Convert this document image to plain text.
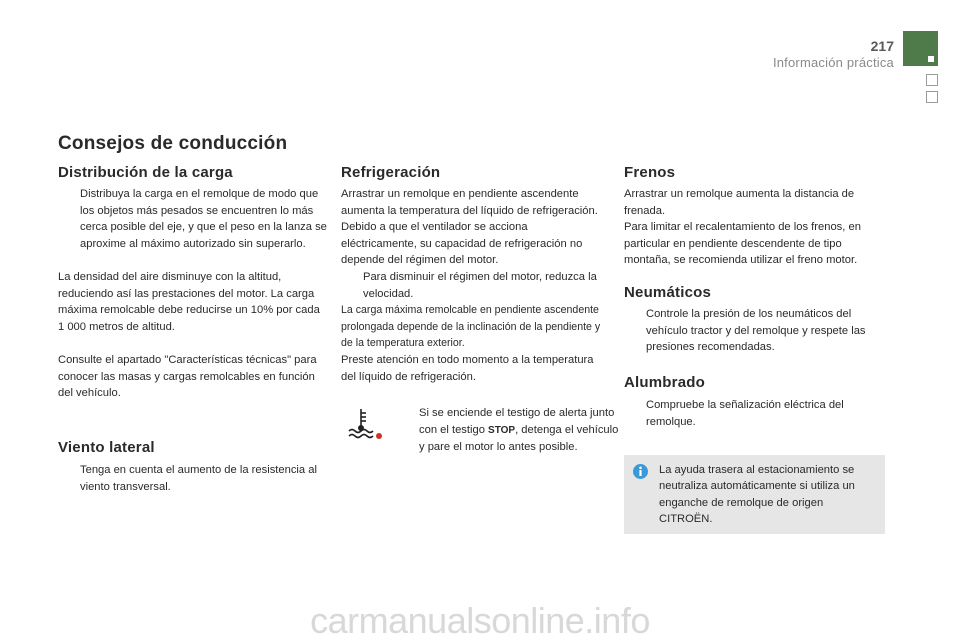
217
Información práctica
Consejos de conducción
Distribución de la carga
Distribuya la carga en el remolque de modo que los objetos más pesados se encuentren lo más cerca posible del eje, y que el peso en la lanza se aproxime al máximo autorizado sin superarlo.
La densidad del aire disminuye con la altitud, reduciendo así las prestaciones del motor. La carga máxima remolcable debe reducirse un 10% por cada 1 000 metros de altitud.
Consulte el apartado "Características técnicas" para conocer las masas y cargas remolcables en función del vehículo.
Viento lateral
Tenga en cuenta el aumento de la resistencia al viento transversal.
Refrigeración

Arrastrar un remolque en pendiente ascendente aumenta la temperatura del líquido de refrigeración.

Debido a que el ventilador se acciona eléctricamente, su capacidad de refrigeración no depende del régimen del motor.

Para disminuir el régimen del motor, reduzca la velocidad.

La carga máxima remolcable en pendiente ascendente prolongada depende de la inclinación de la pendiente y de la temperatura exterior.

Preste atención en todo momento a la temperatura del líquido de refrigeración.

Si se enciende el testigo de alerta junto con el testigo STOP, detenga el vehículo y pare el motor lo antes posible.
Frenos

Arrastrar un remolque aumenta la distancia de frenada.

Para limitar el recalentamiento de los frenos, en particular en pendiente descendente de tipo montaña, se recomienda utilizar el freno motor.

Neumáticos
Controle la presión de los neumáticos del vehículo tractor y del remolque y respete las presiones recomendadas.
Alumbrado
Compruebe la señalización eléctrica del remolque.
La ayuda trasera al estacionamiento se neutraliza automáticamente si utiliza un enganche de remolque de origen CITROËN.
carmanualsonline.info
